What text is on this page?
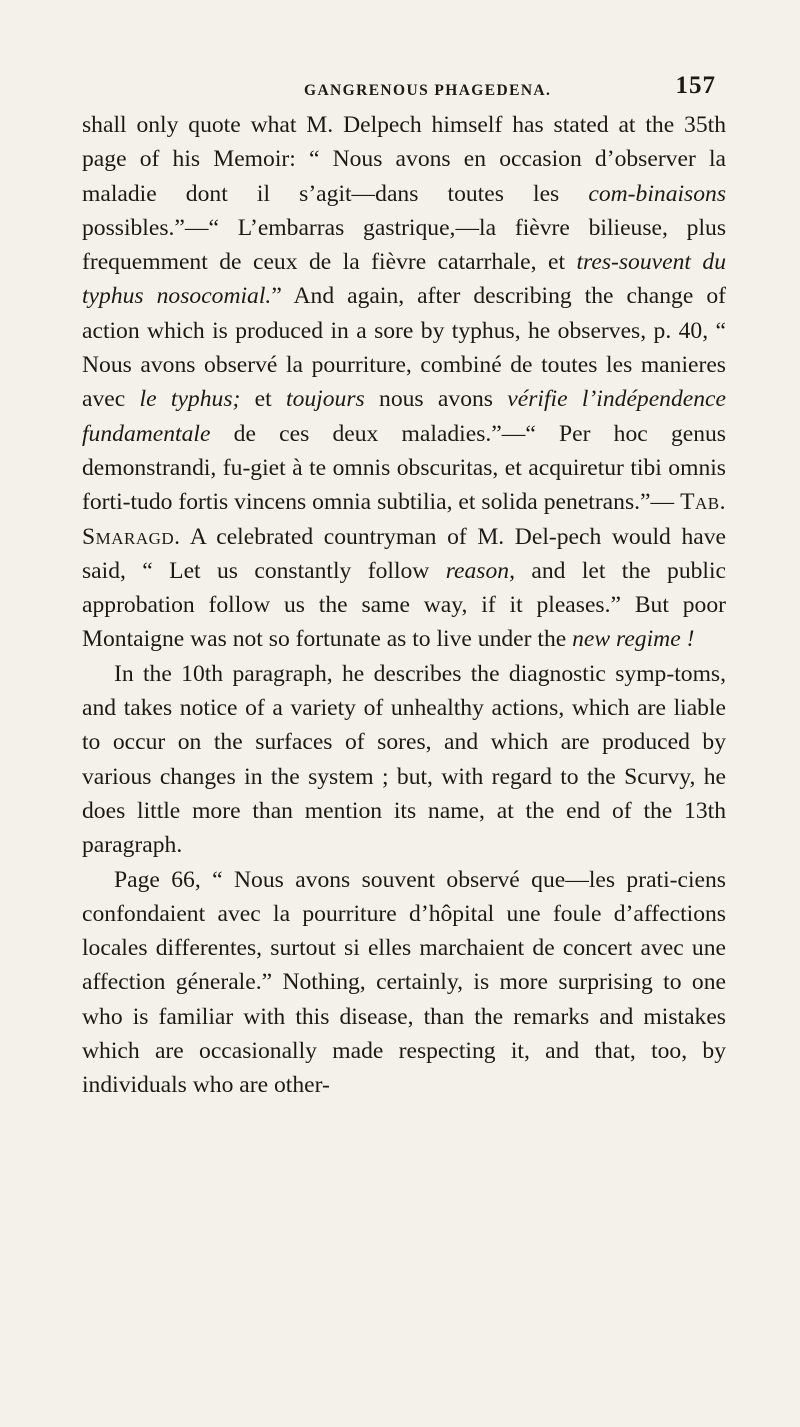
GANGRENOUS PHAGEDENA.	157

shall only quote what M. Delpech himself has stated at the 35th page of his Memoir: “ Nous avons en occasion d’observer la maladie dont il s’agit—dans toutes les com-binaisons possibles.”—“ L’embarras gastrique,—la fièvre bilieuse, plus frequemment de ceux de la fièvre catarrhale, et tres-souvent du typhus nosocomial.” And again, after describing the change of action which is produced in a sore by typhus, he observes, p. 40, “ Nous avons observé la pourriture, combiné de toutes les manieres avec le typhus; et toujours nous avons vérifie l’indépendence fundamentale de ces deux maladies.”—“ Per hoc genus demonstrandi, fu-giet à te omnis obscuritas, et acquiretur tibi omnis forti-tudo fortis vincens omnia subtilia, et solida penetrans.”— Tab. Smaragd. A celebrated countryman of M. Del-pech would have said, “ Let us constantly follow reason, and let the public approbation follow us the same way, if it pleases.” But poor Montaigne was not so fortunate as to live under the new regime !

In the 10th paragraph, he describes the diagnostic symp-toms, and takes notice of a variety of unhealthy actions, which are liable to occur on the surfaces of sores, and which are produced by various changes in the system ; but, with regard to the Scurvy, he does little more than mention its name, at the end of the 13th paragraph.

Page 66, “ Nous avons souvent observé que—les prati-ciens confondaient avec la pourriture d’hôpital une foule d’affections locales differentes, surtout si elles marchaient de concert avec une affection génerale.” Nothing, certainly, is more surprising to one who is familiar with this disease, than the remarks and mistakes which are occasionally made respecting it, and that, too, by individuals who are other-
